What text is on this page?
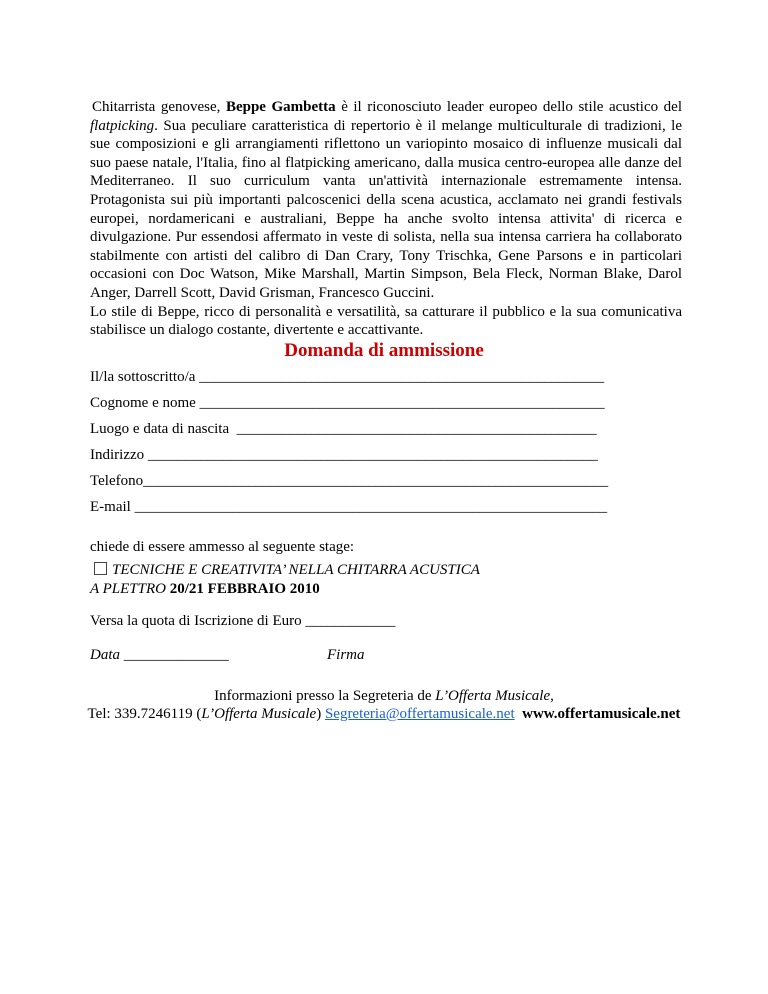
Chitarrista genovese, Beppe Gambetta è il riconosciuto leader europeo dello stile acustico del flatpicking. Sua peculiare caratteristica di repertorio è il melange multiculturale di tradizioni, le sue composizioni e gli arrangiamenti riflettono un variopinto mosaico di influenze musicali dal suo paese natale, l'Italia, fino al flatpicking americano, dalla musica centro-europea alle danze del Mediterraneo. Il suo curriculum vanta un'attività internazionale estremamente intensa. Protagonista sui più importanti palcoscenici della scena acustica, acclamato nei grandi festivals europei, nordamericani e australiani, Beppe ha anche svolto intensa attivita' di ricerca e divulgazione. Pur essendosi affermato in veste di solista, nella sua intensa carriera ha collaborato stabilmente con artisti del calibro di Dan Crary, Tony Trischka, Gene Parsons e in particolari occasioni con Doc Watson, Mike Marshall, Martin Simpson, Bela Fleck, Norman Blake, Darol Anger, Darrell Scott, David Grisman, Francesco Guccini.

Lo stile di Beppe, ricco di personalità e versatilità, sa catturare il pubblico e la sua comunicativa stabilisce un dialogo costante, divertente e accattivante.

Domanda di ammissione
Il/la sottoscritto/a ______________________________________________________
Cognome e nome ______________________________________________________
Luogo e data di nascita  ________________________________________________
Indirizzo ____________________________________________________________
Telefono______________________________________________________________
E-mail _______________________________________________________________
chiede di essere ammesso al seguente stage:
TECNICHE E CREATIVITA’ NELLA CHITARRA ACUSTICA
A PLETTRO 20/21 FEBBRAIO 2010
Versa la quota di Iscrizione di Euro ____________
Data ______________	Firma
Informazioni presso la Segreteria de L’Offerta Musicale,
Tel: 339.7246119 (L’Offerta Musicale) Segreteria@offertamusicale.net www.offertamusicale.net
